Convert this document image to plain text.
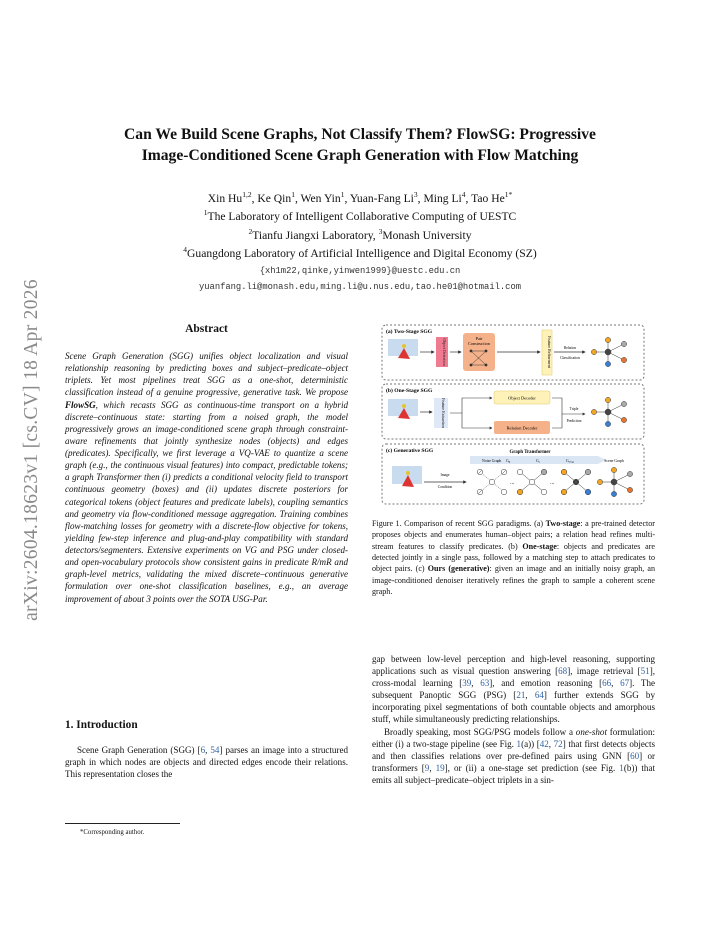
arXiv:2604.18623v1 [cs.CV] 18 Apr 2026
Can We Build Scene Graphs, Not Classify Them? FlowSG: Progressive
Image-Conditioned Scene Graph Generation with Flow Matching
Xin Hu$^{1,2}$, Ke Qin$^1$, Wen Yin$^1$, Yuan-Fang Li$^3$, Ming Li$^4$, Tao $He^{1*}$
$^1$The Laboratory of Intelligent Collaborative Computing of UESTC
$^2$Tianfu Jiangxi Laboratory, $^3$Monash University
$^4$Guangdong Laboratory of Artificial Intelligence and Digital Economy (SZ)
{xh1m22,qinke,yinwen1999}@uestc.edu.cn
yuanfang.li@monash.edu,ming.li@u.nus.edu,tao.he01@hotmail.com
Abstract
Scene Graph Generation (SGG) unifies object localization and visual relationship reasoning by predicting boxes and subject–predicate–object triplets. Yet most pipelines treat SGG as a one-shot, deterministic classification instead of a genuine progressive, generative task. We propose FlowSG, which recasts SGG as continuous-time transport on a hybrid discrete–continuous state: starting from a noised graph, the model progressively grows an image-conditioned scene graph through constraint-aware refinements that jointly synthesize nodes (objects) and edges (predicates). Specifically, we first leverage a VQ-VAE to quantize a scene graph (e.g., the continuous visual features) into compact, predictable tokens; a graph Transformer then (i) predicts a conditional velocity field to transport continuous geometry (boxes) and (ii) updates discrete posteriors for categorical tokens (object features and predicate labels), coupling semantics and geometry via flow-conditioned message aggregation. Training combines flow-matching losses for geometry with a discrete-flow objective for tokens, yielding few-step inference and plug-and-play compatibility with standard detectors/segmenters. Extensive experiments on VG and PSG under closed- and open-vocabulary protocols show consistent gains in predicate R/mR and graph-level metrics, validating the mixed discrete–continuous generative formulation over one-shot classification baselines, e.g., an average improvement of about 3 points over the SOTA USG-Par.
1. Introduction
Scene Graph Generation (SGG) [6, 54] parses an image into a structured graph in which nodes are objects and directed edges encode their relations. This representation closes the
*Corresponding author.
(a) Two-Stage SGG
Object Detection	Pair
Construction	Feature Refinement	Relation
Classification
(b) One-Stage SGG
Feature Extraction
Object Decoder
Relation Decoder
Triple
Prediction
(c) Generative SGG	Graph Transformer
Noise Graph $G_0$	$G_t$	$G_{t+\Delta t}$	Scene Graph
Image
Condition
...	...
Figure 1. Comparison of recent SGG paradigms. (a) Two-stage: a pre-trained detector proposes objects and enumerates human–object pairs; a relation head refines multi-stream features to classify predicates. (b) One-stage: objects and predicates are detected jointly in a single pass, followed by a matching step to attach predicates to object pairs. (c) Ours (generative): given an image and an initially noisy graph, an image-conditioned denoiser iteratively refines the graph to sample a coherent scene graph.
gap between low-level perception and high-level reasoning, supporting applications such as visual question answering [68], image retrieval [51], cross-modal learning [39, 63], and emotion reasoning [66, 67]. The subsequent Panoptic SGG (PSG) [21, 64] further extends SGG by incorporating pixel segmentations of both countable objects and amorphous stuff, while simultaneously predicting relationships.
Broadly speaking, most SGG/PSG models follow a one-shot formulation: either (i) a two-stage pipeline (see Fig. 1(a)) [42, 72] that first detects objects and then classifies relations over pre-defined pairs using GNN [60] or transformers [9, 19], or (ii) a one-stage set prediction (see Fig. 1(b)) that emits all subject–predicate–object triplets in a sin-
